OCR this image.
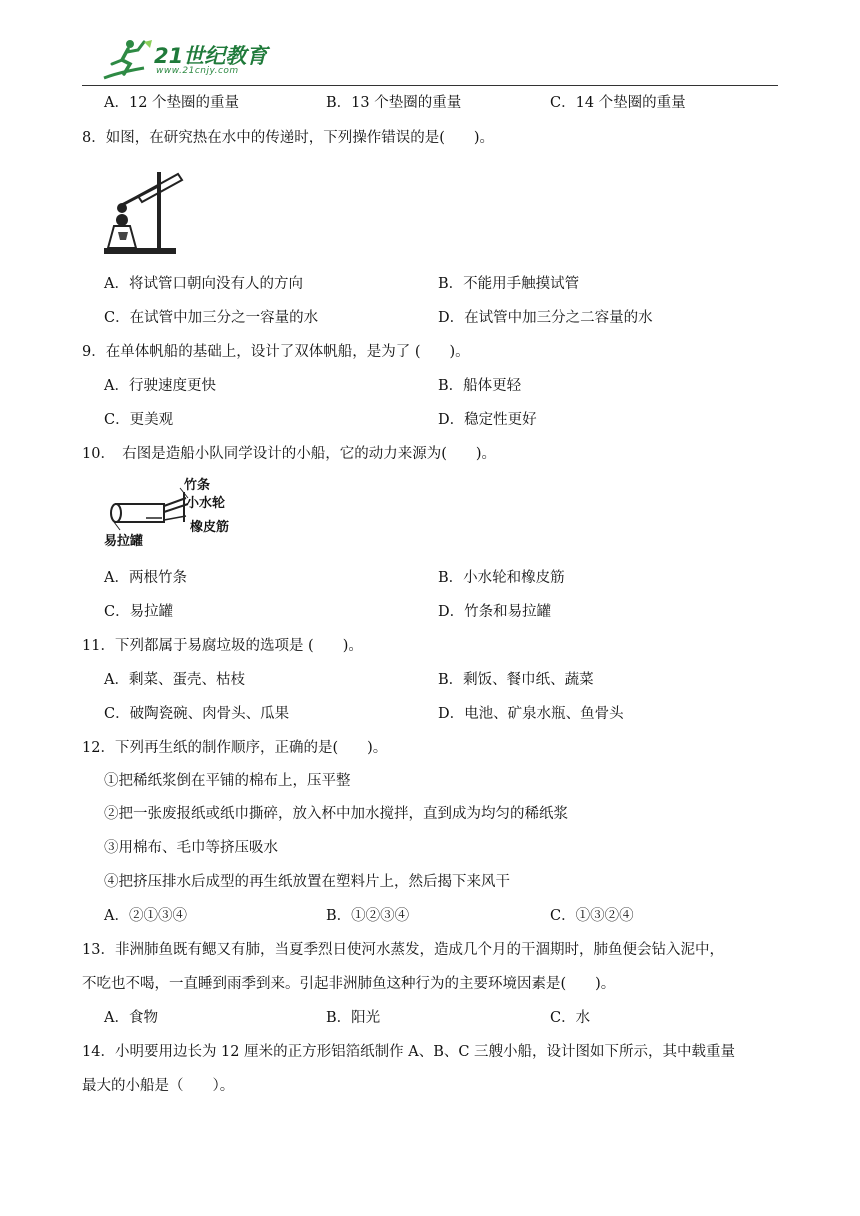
21世纪教育
www.21cnjy.com
A．12 个垫圈的重量	B．13 个垫圈的重量	C．14 个垫圈的重量
8．如图，在研究热在水中的传递时，下列操作错误的是(　　)。
A．将试管口朝向没有人的方向	B．不能用手触摸试管
C．在试管中加三分之一容量的水	D．在试管中加三分之二容量的水
9．在单体帆船的基础上，设计了双体帆船，是为了 (　　)。
A．行驶速度更快	B．船体更轻
C．更美观	D．稳定性更好
10．　右图是造船小队同学设计的小船，它的动力来源为(　　)。
竹条
小水轮
橡皮筋
易拉罐
A．两根竹条	B．小水轮和橡皮筋
C．易拉罐	D．竹条和易拉罐
11．下列都属于易腐垃圾的选项是 (　　)。
A．剩菜、蛋壳、枯枝	B．剩饭、餐巾纸、蔬菜
C．破陶瓷碗、肉骨头、瓜果	D．电池、矿泉水瓶、鱼骨头
12．下列再生纸的制作顺序，正确的是(　　)。
①把稀纸浆倒在平铺的棉布上，压平整
②把一张废报纸或纸巾撕碎，放入杯中加水搅拌，直到成为均匀的稀纸浆
③用棉布、毛巾等挤压吸水
④把挤压排水后成型的再生纸放置在塑料片上，然后揭下来风干
A．②①③④	B．①②③④	C．①③②④
13．非洲肺鱼既有鳃又有肺，当夏季烈日使河水蒸发，造成几个月的干涸期时，肺鱼便会钻入泥中，
不吃也不喝，一直睡到雨季到来。引起非洲肺鱼这种行为的主要环境因素是(　　)。
A．食物	B．阳光	C．水
14．小明要用边长为 12 厘米的正方形铝箔纸制作 A、B、C 三艘小船，设计图如下所示，其中载重量
最大的小船是（　　）。
